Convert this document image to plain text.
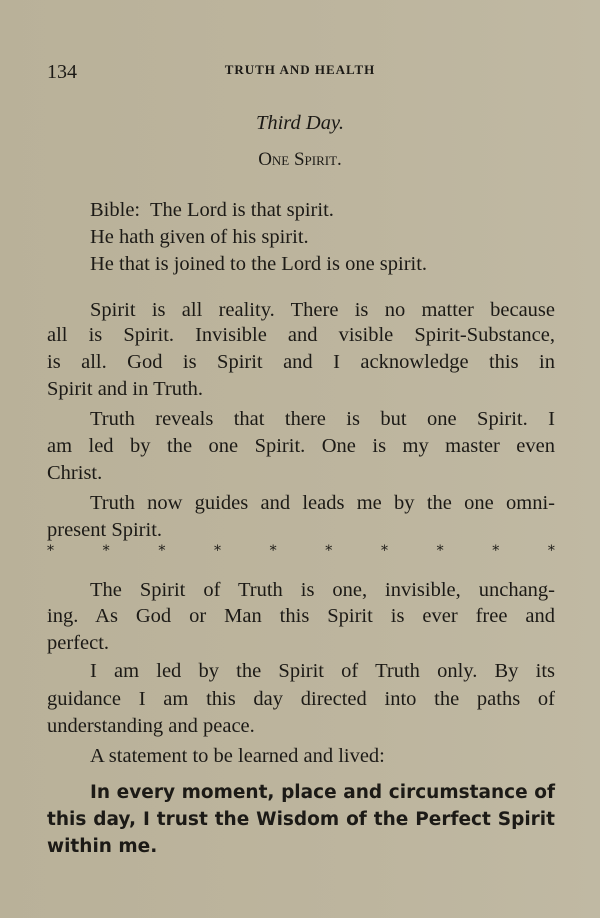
134	TRUTH AND HEALTH
Third Day.
One Spirit.
Bible:  The Lord is that spirit.
He hath given of his spirit.
He that is joined to the Lord is one spirit.
Spirit is all reality. There is no matter because
all is Spirit. Invisible and visible Spirit-Substance,
is all. God is Spirit and I acknowledge this in
Spirit and in Truth.
Truth reveals that there is but one Spirit. I
am led by the one Spirit. One is my master even
Christ.
Truth now guides and leads me by the one omni-
present Spirit.
*	*	*	*	*	*	*	*	*	*
The Spirit of Truth is one, invisible, unchang-
ing. As God or Man this Spirit is ever free and
perfect.
I am led by the Spirit of Truth only. By its
guidance I am this day directed into the paths of
understanding and peace.
A statement to be learned and lived:
In every moment, place and circumstance of
this day, I trust the Wisdom of the Perfect Spirit
within me.
